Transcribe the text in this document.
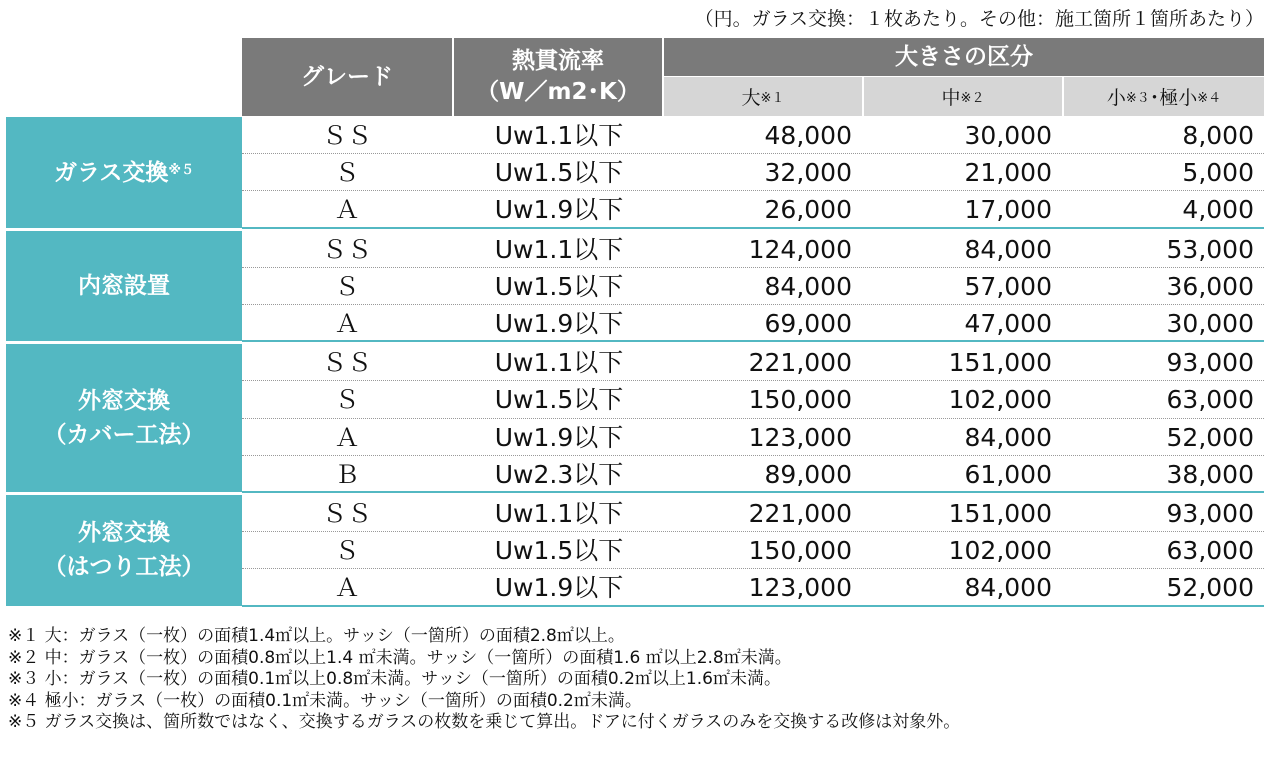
（円。ガラス交換：１枚あたり。その他：施工箇所１箇所あたり）
グレード
熱貫流率
（W／m2･K）
大きさの区分
大 ※１	中 ※２	小 ※３ ･ 極小 ※４
ガラス交換$^{※5}$
ＳＳ	Uw1.1以下	48,000	30,000	8,000
Ｓ	Uw1.5以下	32,000	21,000	5,000
Ａ	Uw1.9以下	26,000	17,000	4,000
内窓設置
ＳＳ	Uw1.1以下	124,000	84,000	53,000
Ｓ	Uw1.5以下	84,000	57,000	36,000
Ａ	Uw1.9以下	69,000	47,000	30,000
外窓交換
（カバー工法）
ＳＳ	Uw1.1以下	221,000	151,000	93,000
Ｓ	Uw1.5以下	150,000	102,000	63,000
Ａ	Uw1.9以下	123,000	84,000	52,000
Ｂ	Uw2.3以下	89,000	61,000	38,000
外窓交換
（はつり工法）
ＳＳ	Uw1.1以下	221,000	151,000	93,000
Ｓ	Uw1.5以下	150,000	102,000	63,000
Ａ	Uw1.9以下	123,000	84,000	52,000
※１ 大：ガラス（一枚）の面積1.4㎡以上。サッシ（一箇所）の面積2.8㎡以上。
※２ 中：ガラス（一枚）の面積0.8㎡以上1.4 ㎡未満。サッシ（一箇所）の面積1.6 ㎡以上2.8㎡未満。
※３ 小：ガラス（一枚）の面積0.1㎡以上0.8㎡未満。サッシ（一箇所）の面積0.2㎡以上1.6㎡未満。
※４ 極小：ガラス（一枚）の面積0.1㎡未満。サッシ（一箇所）の面積0.2㎡未満。
※５ ガラス交換は、箇所数ではなく、交換するガラスの枚数を乗じて算出。ドアに付くガラスのみを交換する改修は対象外。
